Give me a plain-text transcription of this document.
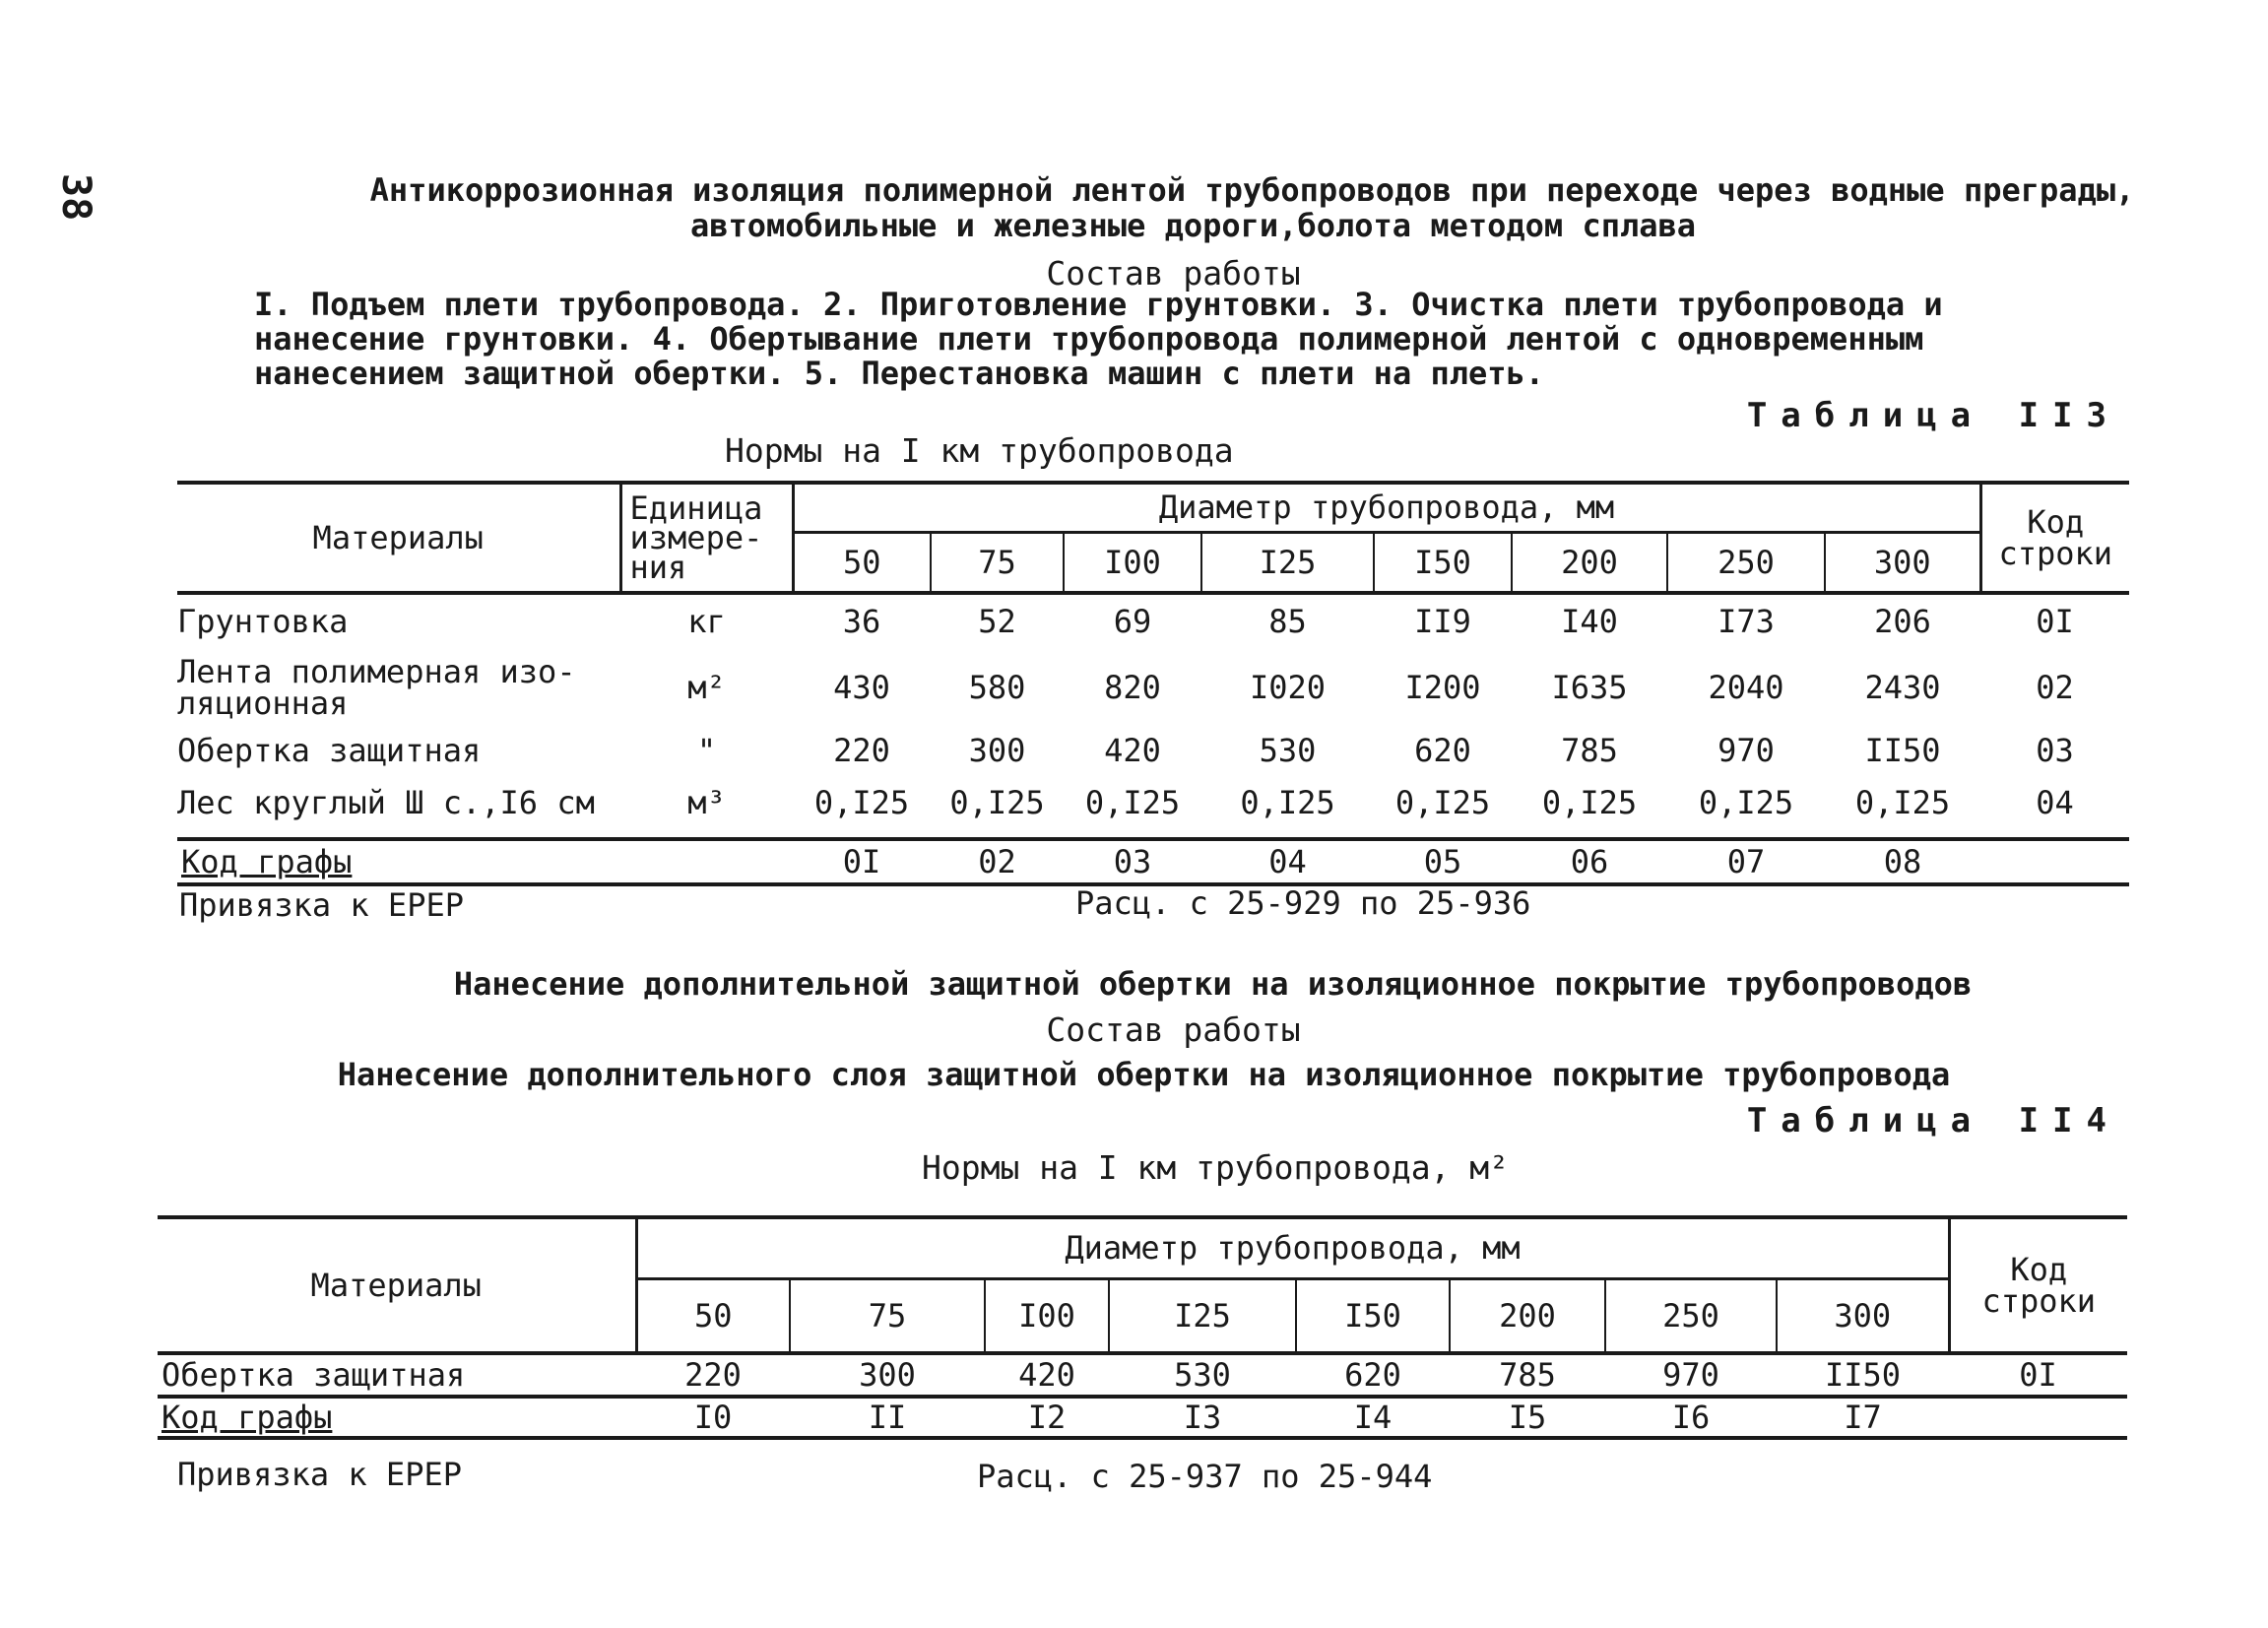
38	Антикоррозионная изоляция полимерной лентой трубопроводов при переходе через водные преграды,
автомобильные и железные дороги,болота методом сплава
Состав работы
I. Подъем плети трубопровода. 2. Приготовление грунтовки. 3. Очистка плети трубопровода и нанесение грунтовки. 4. Обертывание плети трубопровода полимерной лентой с одновременным нанесением защитной обертки. 5. Перестановка машин с плети на плеть.
Таблица II3
Нормы на I км трубопровода
Материалы	Единица измере-ния	Диаметр трубопровода, мм								Код строки
		50	75	I00	I25	I50	200	250	300	
Грунтовка	кг	36	52	69	85	II9	I40	I73	206	0I
Лента полимерная изо-ляционная	м²	430	580	820	I020	I200	I635	2040	2430	02
Обертка защитная	"	220	300	420	530	620	785	970	II50	03
Лес круглый Ш с.,I6 см	м³	0,I25	0,I25	0,I25	0,I25	0,I25	0,I25	0,I25	0,I25	04

Код графы		0I	02	03	04	05	06	07	08	
Привязка к ЕРЕР	Расц. с 25-929 по 25-936
Нанесение дополнительной защитной обертки на изоляционное покрытие трубопроводов
Состав работы
Нанесение дополнительного слоя защитной обертки на изоляционное покрытие трубопровода
Таблица II4
Нормы на I км трубопровода, м²
Материалы	Диаметр трубопровода, мм								Код строки
	50	75	I00	I25	I50	200	250	300	
Обертка защитная	220	300	420	530	620	785	970	II50	0I
Код графы	I0	II	I2	I3	I4	I5	I6	I7	
Привязка к ЕРЕР	Расц. с 25-937 по 25-944
